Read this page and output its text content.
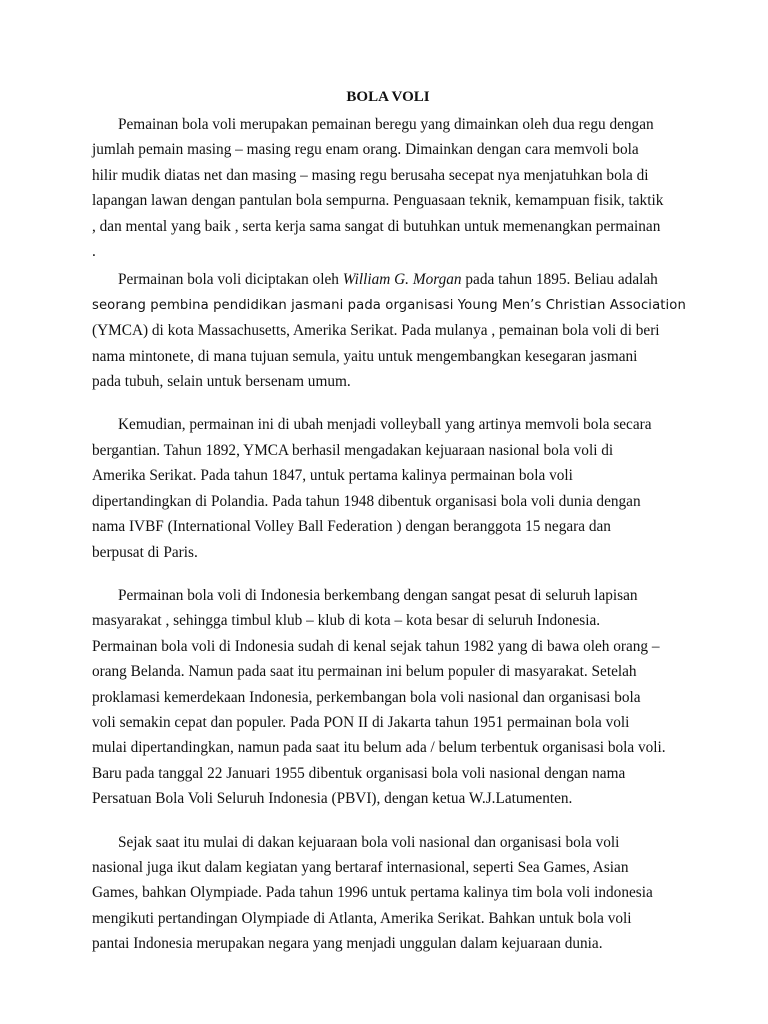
BOLA VOLI

Pemainan bola voli merupakan pemainan beregu yang dimainkan oleh dua regu dengan
jumlah pemain masing – masing regu enam orang. Dimainkan dengan cara memvoli bola
hilir mudik diatas net dan masing – masing regu berusaha secepat nya menjatuhkan bola di
lapangan lawan dengan pantulan bola sempurna. Penguasaan teknik, kemampuan fisik, taktik
, dan mental yang baik , serta kerja sama sangat di butuhkan untuk memenangkan permainan
.
Permainan bola voli diciptakan oleh William G. Morgan pada tahun 1895. Beliau adalah
seorang pembina pendidikan jasmani pada organisasi Young Men’s Christian Association
(YMCA) di kota Massachusetts, Amerika Serikat. Pada mulanya , pemainan bola voli di beri
nama mintonete, di mana tujuan semula, yaitu untuk mengembangkan kesegaran jasmani
pada tubuh, selain untuk bersenam umum.
Kemudian, permainan ini di ubah menjadi volleyball yang artinya memvoli bola secara
bergantian. Tahun 1892, YMCA berhasil mengadakan kejuaraan nasional bola voli di
Amerika Serikat. Pada tahun 1847, untuk pertama kalinya permainan bola voli
dipertandingkan di Polandia. Pada tahun 1948 dibentuk organisasi bola voli dunia dengan
nama IVBF (International Volley Ball Federation ) dengan beranggota 15 negara dan
berpusat di Paris.
Permainan bola voli di Indonesia berkembang dengan sangat pesat di seluruh lapisan
masyarakat , sehingga timbul klub – klub di kota – kota besar di seluruh Indonesia.
Permainan bola voli di Indonesia sudah di kenal sejak tahun 1982 yang di bawa oleh orang –
orang Belanda. Namun pada saat itu permainan ini belum populer di masyarakat. Setelah
proklamasi kemerdekaan Indonesia, perkembangan bola voli nasional dan organisasi bola
voli semakin cepat dan populer. Pada PON II di Jakarta tahun 1951 permainan bola voli
mulai dipertandingkan, namun pada saat itu belum ada / belum terbentuk organisasi bola voli.
Baru pada tanggal 22 Januari 1955 dibentuk organisasi bola voli nasional dengan nama
Persatuan Bola Voli Seluruh Indonesia (PBVI), dengan ketua W.J.Latumenten.
Sejak saat itu mulai di dakan kejuaraan bola voli nasional dan organisasi bola voli
nasional juga ikut dalam kegiatan yang bertaraf internasional, seperti Sea Games, Asian
Games, bahkan Olympiade. Pada tahun 1996 untuk pertama kalinya tim bola voli indonesia
mengikuti pertandingan Olympiade di Atlanta, Amerika Serikat. Bahkan untuk bola voli
pantai Indonesia merupakan negara yang menjadi unggulan dalam kejuaraan dunia.
